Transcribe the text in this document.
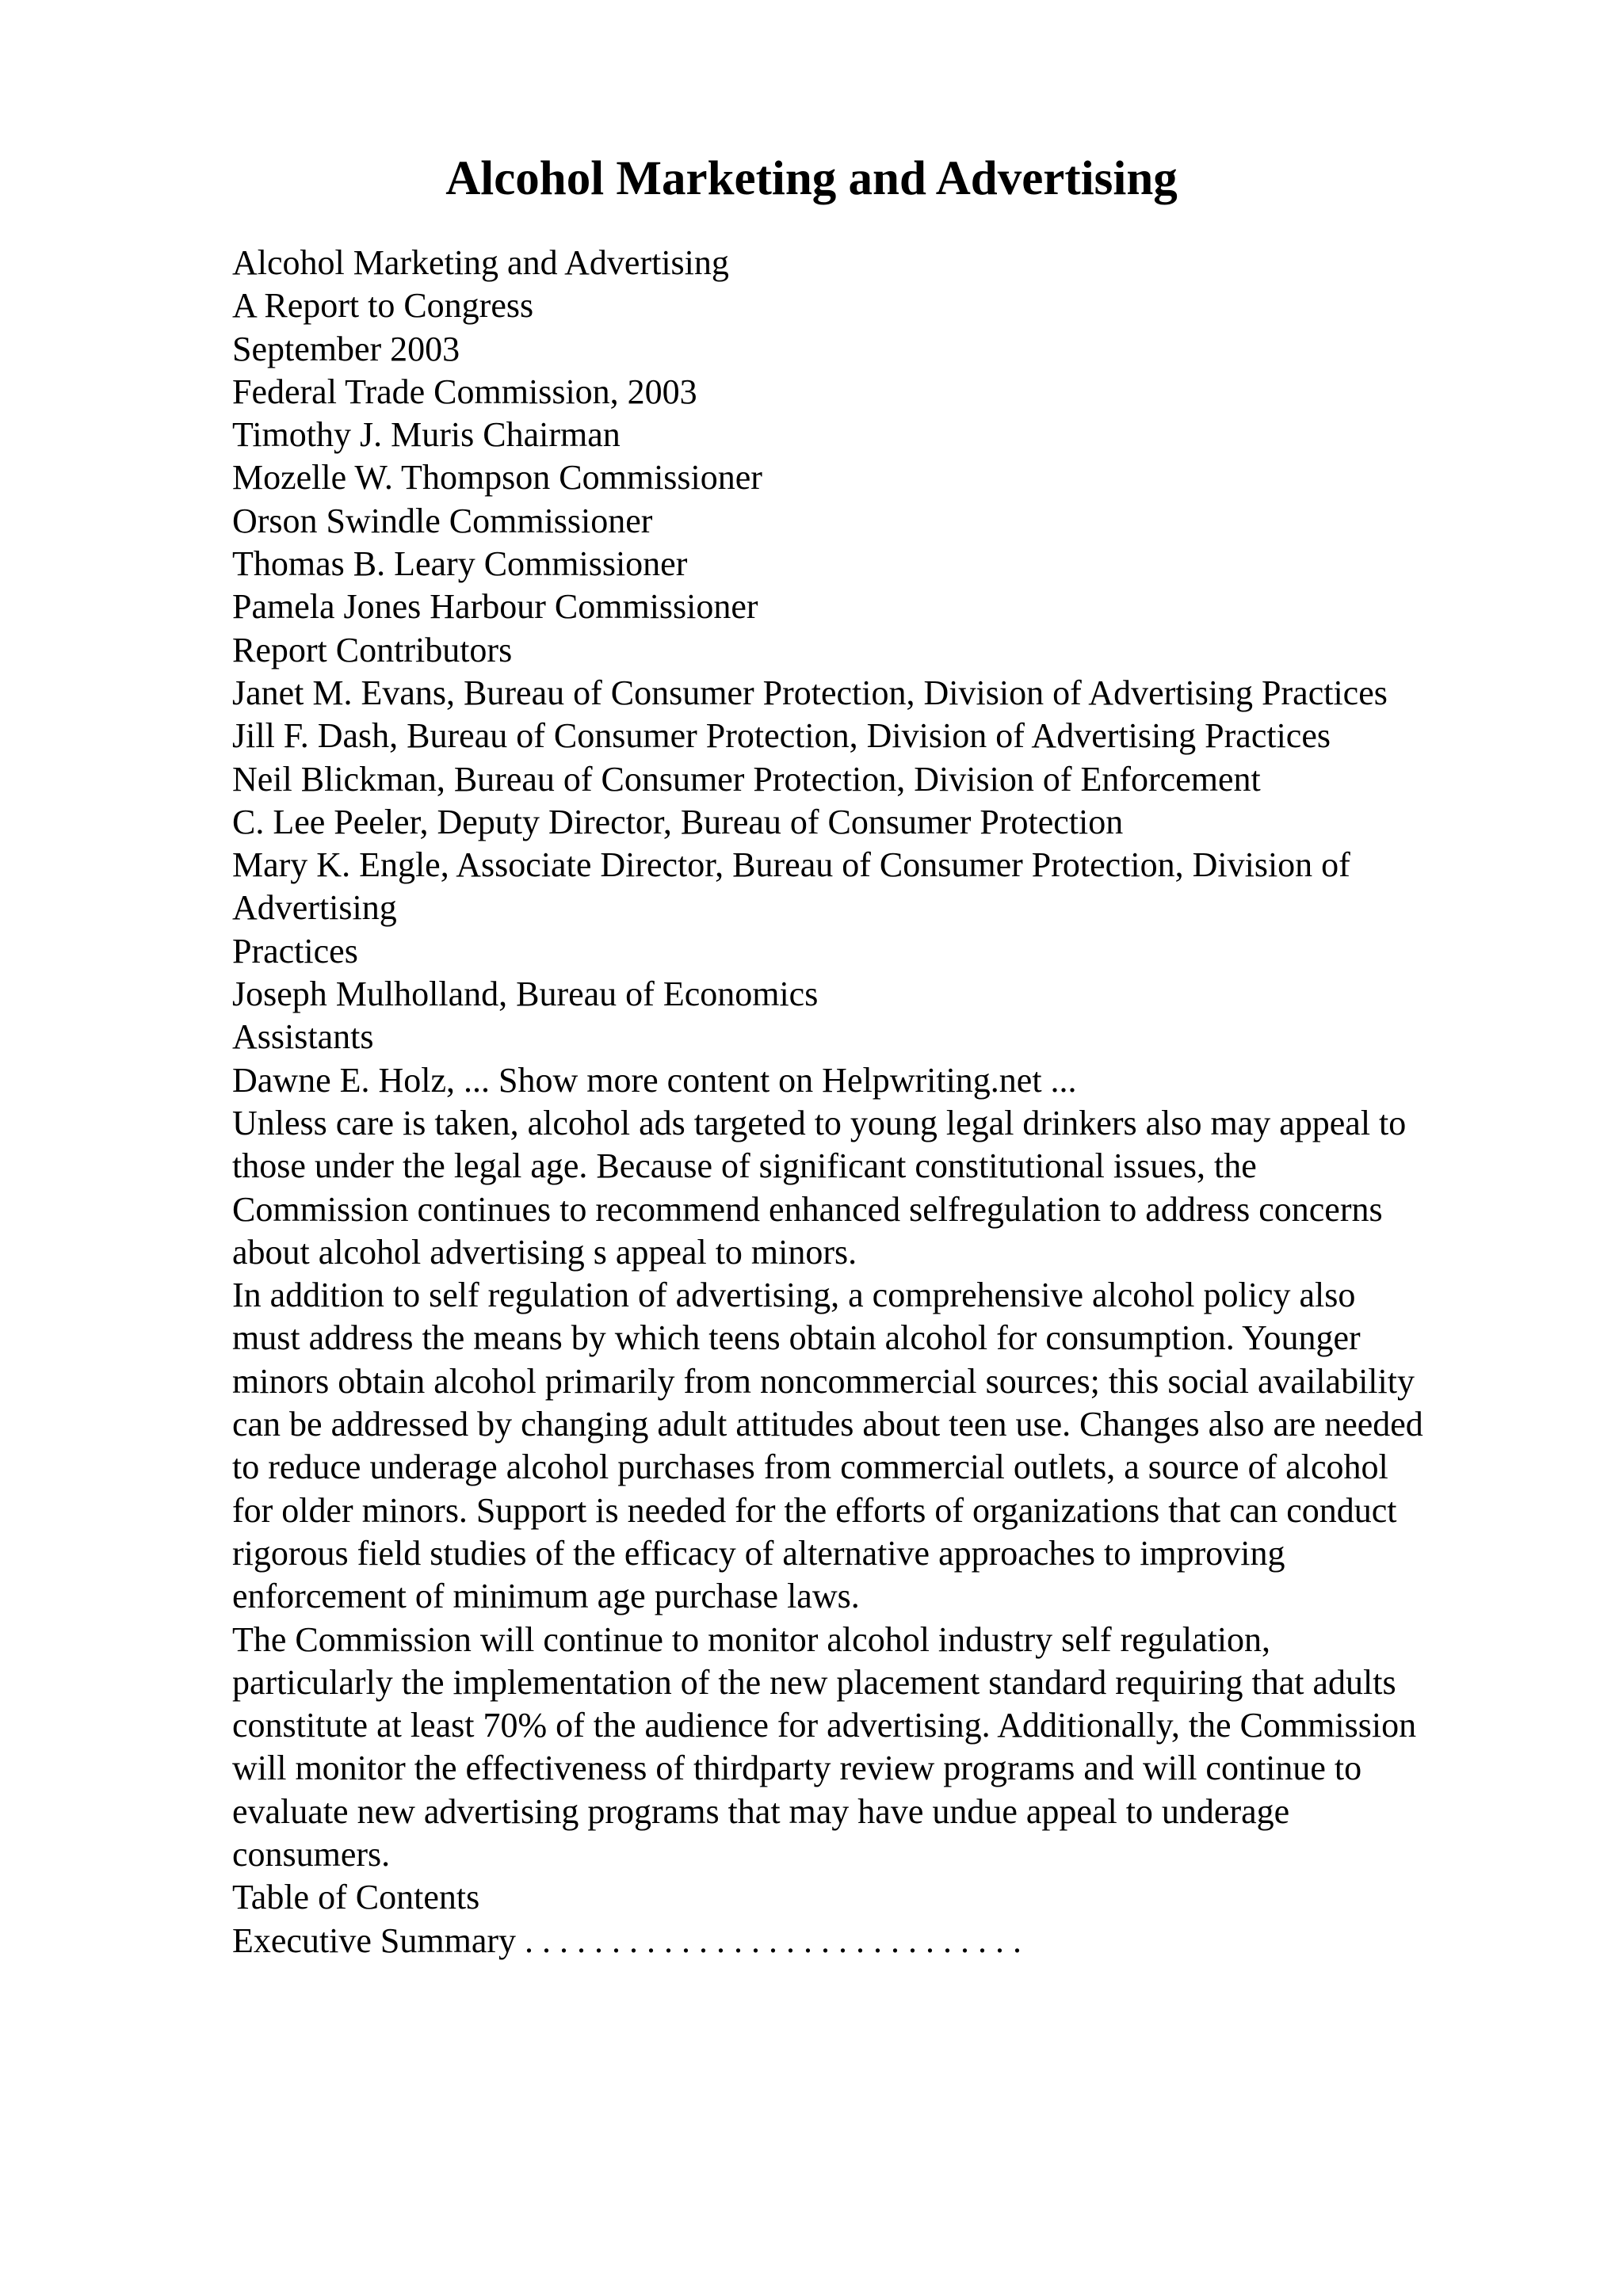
Alcohol Marketing and Advertising
Alcohol Marketing and Advertising
A Report to Congress
September 2003
Federal Trade Commission, 2003
Timothy J. Muris Chairman
Mozelle W. Thompson Commissioner
Orson Swindle Commissioner
Thomas B. Leary Commissioner
Pamela Jones Harbour Commissioner
Report Contributors
Janet M. Evans, Bureau of Consumer Protection, Division of Advertising Practices
Jill F. Dash, Bureau of Consumer Protection, Division of Advertising Practices
Neil Blickman, Bureau of Consumer Protection, Division of Enforcement
C. Lee Peeler, Deputy Director, Bureau of Consumer Protection
Mary K. Engle, Associate Director, Bureau of Consumer Protection, Division of
Advertising
Practices
Joseph Mulholland, Bureau of Economics
Assistants
Dawne E. Holz, ... Show more content on Helpwriting.net ...
Unless care is taken, alcohol ads targeted to young legal drinkers also may appeal to
those under the legal age. Because of significant constitutional issues, the
Commission continues to recommend enhanced selfregulation to address concerns
about alcohol advertising s appeal to minors.
In addition to self regulation of advertising, a comprehensive alcohol policy also
must address the means by which teens obtain alcohol for consumption. Younger
minors obtain alcohol primarily from noncommercial sources; this social availability
can be addressed by changing adult attitudes about teen use. Changes also are needed
to reduce underage alcohol purchases from commercial outlets, a source of alcohol
for older minors. Support is needed for the efforts of organizations that can conduct
rigorous field studies of the efficacy of alternative approaches to improving
enforcement of minimum age purchase laws.
The Commission will continue to monitor alcohol industry self regulation,
particularly the implementation of the new placement standard requiring that adults
constitute at least 70% of the audience for advertising. Additionally, the Commission
will monitor the effectiveness of thirdparty review programs and will continue to
evaluate new advertising programs that may have undue appeal to underage
consumers.
Table of Contents
Executive Summary . . . . . . . . . . . . . . . . . . . . . . . . . . . . .
